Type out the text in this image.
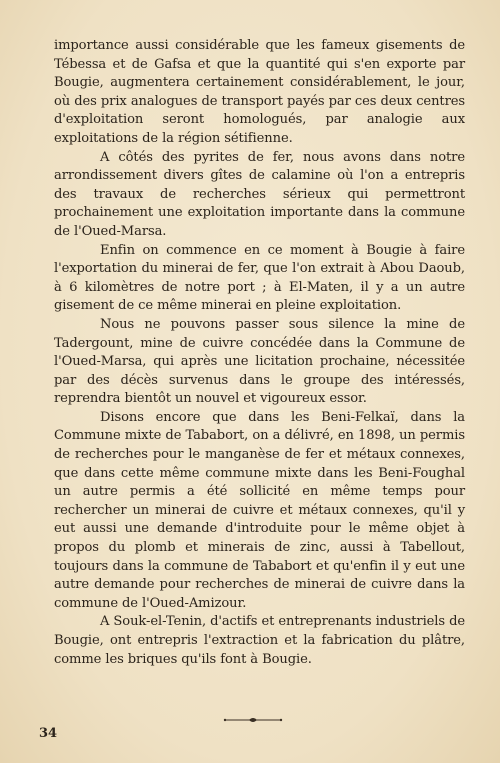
importance aussi considérable que les fameux gisements de Tébessa et de Gafsa et que la quantité qui s'en exporte par Bougie, augmentera certainement considérablement, le jour, où des prix analogues de transport payés par ces deux centres d'exploitation seront homologués, par analogie aux exploitations de la région sétifienne.

A côtés des pyrites de fer, nous avons dans notre arrondissement divers gîtes de calamine où l'on a entrepris des travaux de recherches sérieux qui permettront prochainement une exploitation importante dans la commune de l'Oued-Marsa.

Enfin on commence en ce moment à Bougie à faire l'exportation du minerai de fer, que l'on extrait à Abou Daoub, à 6 kilomètres de notre port ; à El-Maten, il y a un autre gisement de ce même minerai en pleine exploitation.

Nous ne pouvons passer sous silence la mine de Tadergount, mine de cuivre concédée dans la Commune de l'Oued-Marsa, qui après une licitation prochaine, nécessitée par des décès survenus dans le groupe des intéressés, reprendra bientôt un nouvel et vigoureux essor.

Disons encore que dans les Beni-Felkaï, dans la Commune mixte de Tababort, on a délivré, en 1898, un permis de recherches pour le manganèse de fer et métaux connexes, que dans cette même commune mixte dans les Beni-Foughal un autre permis a été sollicité en même temps pour rechercher un minerai de cuivre et métaux connexes, qu'il y eut aussi une demande d'introduite pour le même objet à propos du plomb et minerais de zinc, aussi à Tabellout, toujours dans la commune de Tababort et qu'enfin il y eut une autre demande pour recherches de minerai de cuivre dans la commune de l'Oued-Amizour.

A Souk-el-Tenin, d'actifs et entreprenants industriels de Bougie, ont entrepris l'extraction et la fabrication du plâtre, comme les briques qu'ils font à Bougie.

34
